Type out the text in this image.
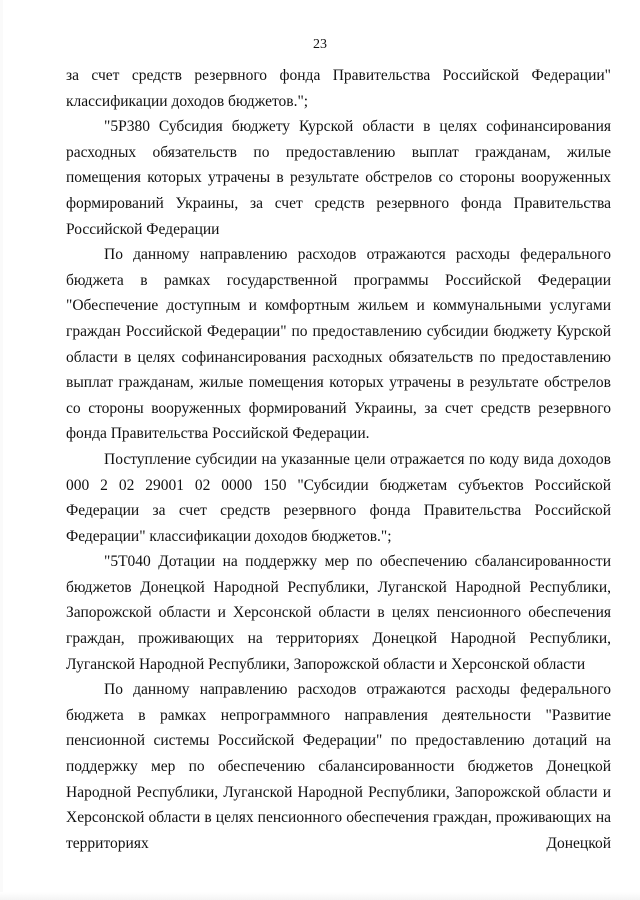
23

за счет средств резервного фонда Правительства Российской Федерации" классификации доходов бюджетов.";

"5Р380 Субсидия бюджету Курской области в целях софинансирования расходных обязательств по предоставлению выплат гражданам, жилые помещения которых утрачены в результате обстрелов со стороны вооруженных формирований Украины, за счет средств резервного фонда Правительства Российской Федерации

По данному направлению расходов отражаются расходы федерального бюджета в рамках государственной программы Российской Федерации "Обеспечение доступным и комфортным жильем и коммунальными услугами граждан Российской Федерации" по предоставлению субсидии бюджету Курской области в целях софинансирования расходных обязательств по предоставлению выплат гражданам, жилые помещения которых утрачены в результате обстрелов со стороны вооруженных формирований Украины, за счет средств резервного фонда Правительства Российской Федерации.

Поступление субсидии на указанные цели отражается по коду вида доходов 000 2 02 29001 02 0000 150 "Субсидии бюджетам субъектов Российской Федерации за счет средств резервного фонда Правительства Российской Федерации" классификации доходов бюджетов.";

"5Т040 Дотации на поддержку мер по обеспечению сбалансированности бюджетов Донецкой Народной Республики, Луганской Народной Республики, Запорожской области и Херсонской области в целях пенсионного обеспечения граждан, проживающих на территориях Донецкой Народной Республики, Луганской Народной Республики, Запорожской области и Херсонской области

По данному направлению расходов отражаются расходы федерального бюджета в рамках непрограммного направления деятельности "Развитие пенсионной системы Российской Федерации" по предоставлению дотаций на поддержку мер по обеспечению сбалансированности бюджетов Донецкой Народной Республики, Луганской Народной Республики, Запорожской области и Херсонской области в целях пенсионного обеспечения граждан, проживающих на территориях Донецкой
